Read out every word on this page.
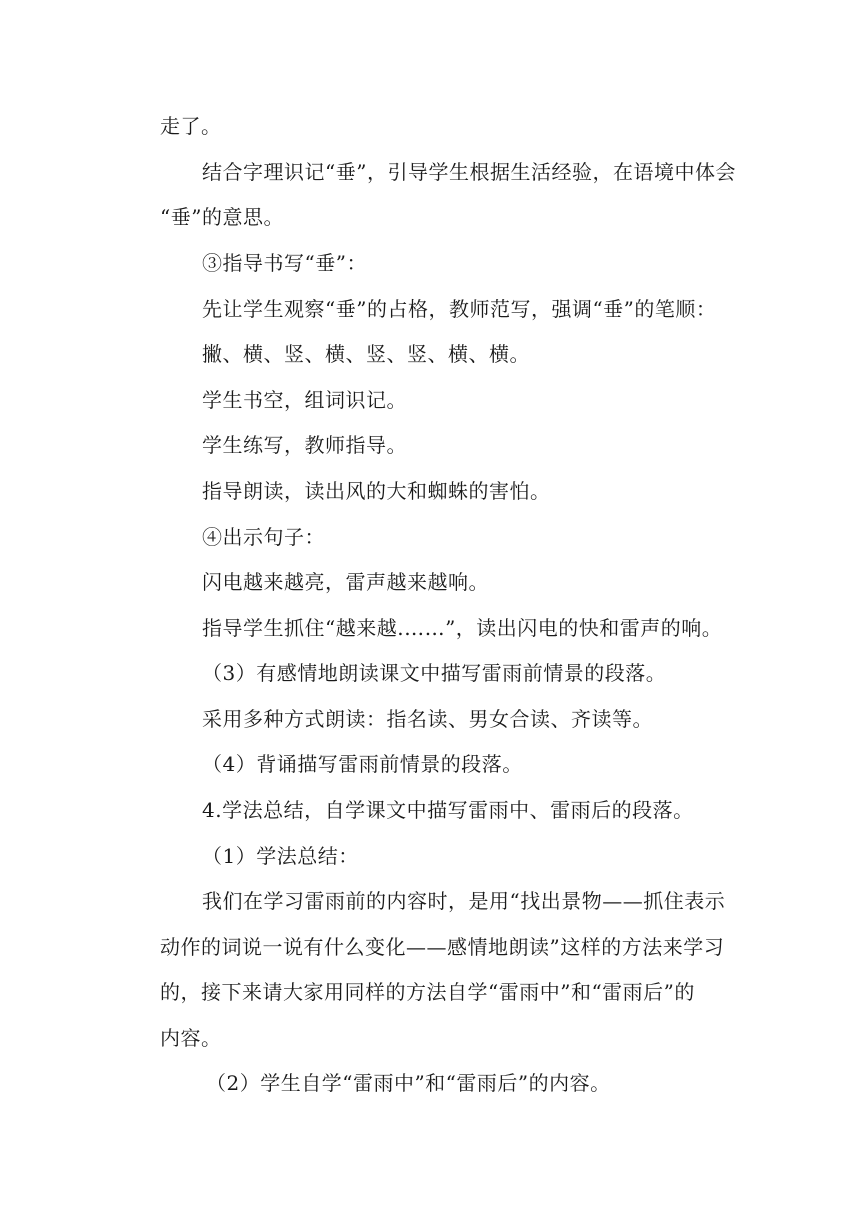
走了。
结合字理识记“垂”，引导学生根据生活经验，在语境中体会
“垂”的意思。
③指导书写“垂”：
先让学生观察“垂”的占格，教师范写，强调“垂”的笔顺：
撇、横、竖、横、竖、竖、横、横。
学生书空，组词识记。
学生练写，教师指导。
指导朗读，读出风的大和蜘蛛的害怕。
④出示句子：
闪电越来越亮，雷声越来越响。
指导学生抓住“越来越.……”，读出闪电的快和雷声的响。
（3）有感情地朗读课文中描写雷雨前情景的段落。
采用多种方式朗读：指名读、男女合读、齐读等。
（4）背诵描写雷雨前情景的段落。
4.学法总结，自学课文中描写雷雨中、雷雨后的段落。
（1）学法总结：
我们在学习雷雨前的内容时，是用“找出景物——抓住表示
动作的词说一说有什么变化——感情地朗读”这样的方法来学习
的，接下来请大家用同样的方法自学“雷雨中”和“雷雨后”的
内容。
（2）学生自学“雷雨中”和“雷雨后”的内容。
